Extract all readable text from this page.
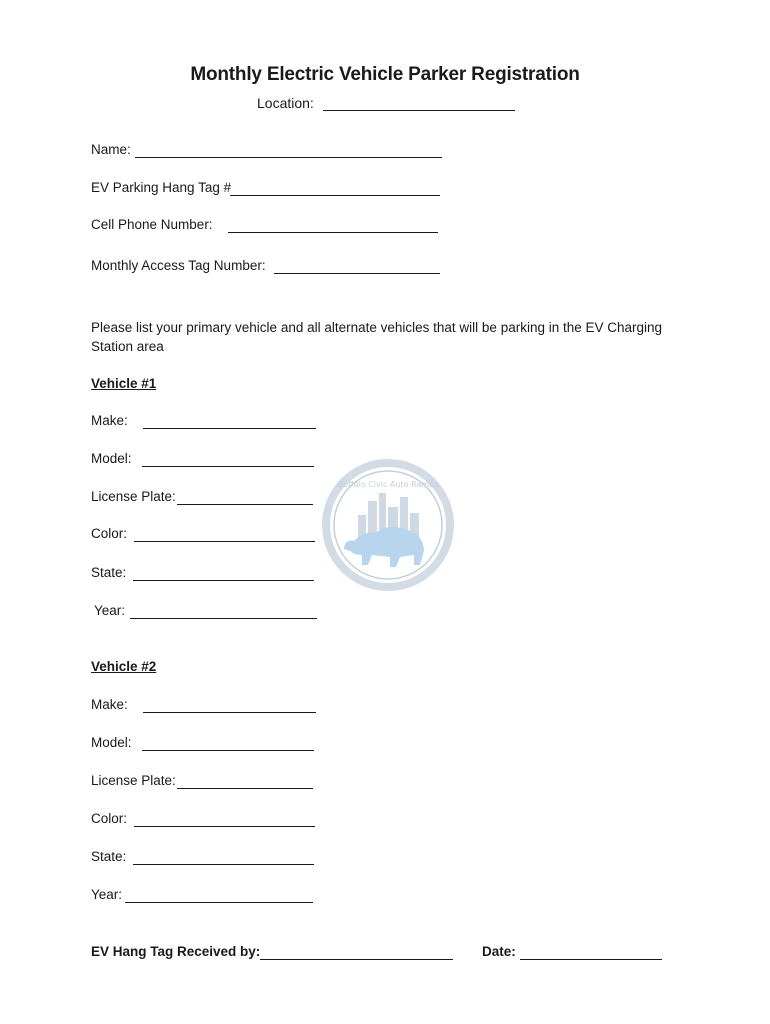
Monthly Electric Vehicle Parker Registration
Location:
Name:
EV Parking Hang Tag #
Cell Phone Number:
Monthly Access Tag Number:
Please list your primary vehicle and all alternate vehicles that will be parking in the EV Charging Station area
Buffalo Civic Auto Ramps
Vehicle #1
Make:
Model:
License Plate:
Color:
State:
Year:
Vehicle #2
Make:
Model:
License Plate:
Color:
State:
Year:
EV Hang Tag Received by:	Date:
